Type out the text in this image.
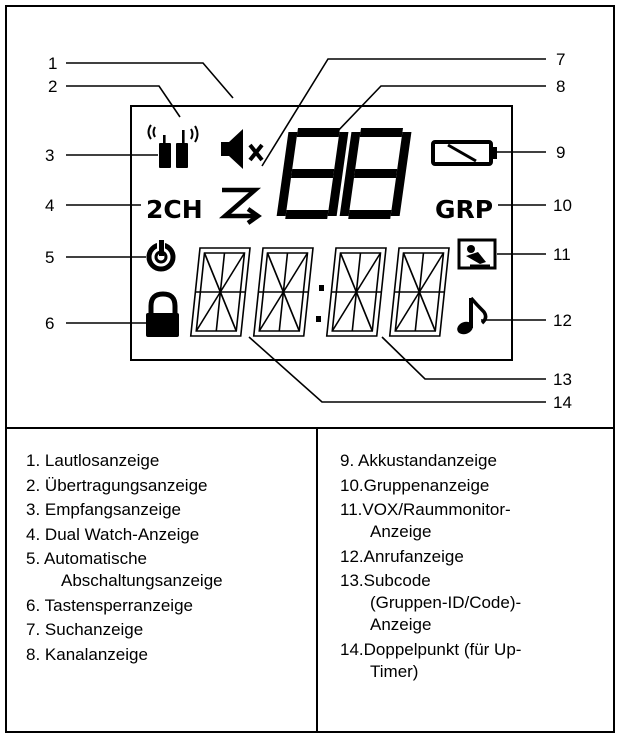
1
2
3
4
5
6
7
8
9
10
11
12
13
14
2CH	GRP
1. Lautlosanzeige
2. Übertragungsanzeige
3. Empfangsanzeige
4. Dual Watch-Anzeige
5. Automatische
Abschaltungsanzeige
6. Tastensperranzeige
7. Suchanzeige
8. Kanalanzeige
9. Akkustandanzeige
10.Gruppenanzeige
11.VOX/Raummonitor-
Anzeige
12.Anrufanzeige
13.Subcode
(Gruppen-ID/Code)-
Anzeige
14.Doppelpunkt (für Up-
Timer)
